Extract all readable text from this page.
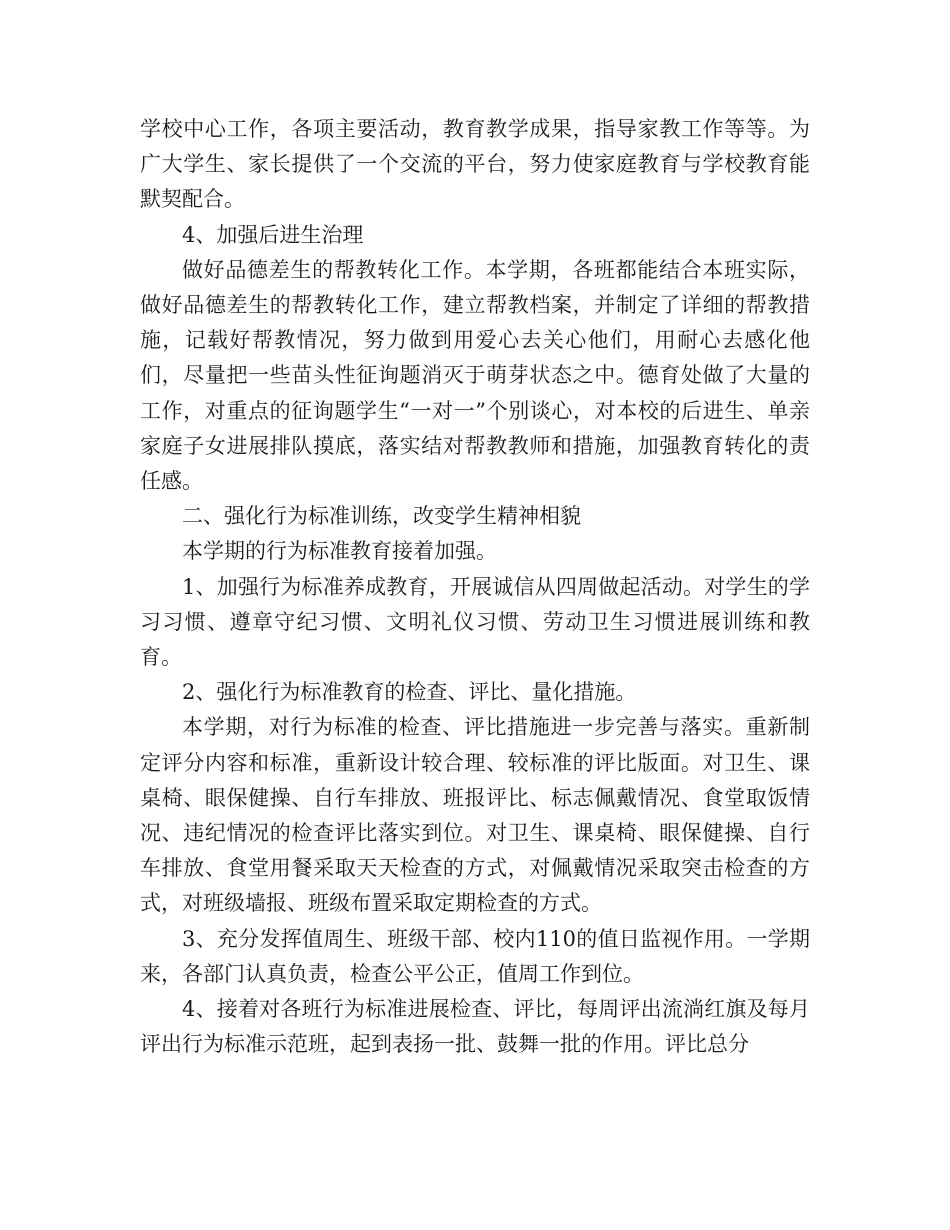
学校中心工作，各项主要活动，教育教学成果，指导家教工作等等。为广大学生、家长提供了一个交流的平台，努力使家庭教育与学校教育能默契配合。

4、加强后进生治理

做好品德差生的帮教转化工作。本学期，各班都能结合本班实际，做好品德差生的帮教转化工作，建立帮教档案，并制定了详细的帮教措施，记载好帮教情况，努力做到用爱心去关心他们，用耐心去感化他们，尽量把一些苗头性征询题消灭于萌芽状态之中。德育处做了大量的工作，对重点的征询题学生“一对一”个别谈心，对本校的后进生、单亲家庭子女进展排队摸底，落实结对帮教教师和措施，加强教育转化的责任感。

二、强化行为标准训练，改变学生精神相貌

本学期的行为标准教育接着加强。

1、加强行为标准养成教育，开展诚信从四周做起活动。对学生的学习习惯、遵章守纪习惯、文明礼仪习惯、劳动卫生习惯进展训练和教育。

2、强化行为标准教育的检查、评比、量化措施。

本学期，对行为标准的检查、评比措施进一步完善与落实。重新制定评分内容和标准，重新设计较合理、较标准的评比版面。对卫生、课桌椅、眼保健操、自行车排放、班报评比、标志佩戴情况、食堂取饭情况、违纪情况的检查评比落实到位。对卫生、课桌椅、眼保健操、自行车排放、食堂用餐采取天天检查的方式，对佩戴情况采取突击检查的方式，对班级墙报、班级布置采取定期检查的方式。

3、充分发挥值周生、班级干部、校内110的值日监视作用。一学期来，各部门认真负责，检查公平公正，值周工作到位。

4、接着对各班行为标准进展检查、评比，每周评出流淌红旗及每月评出行为标准示范班，起到表扬一批、鼓舞一批的作用。评比总分
